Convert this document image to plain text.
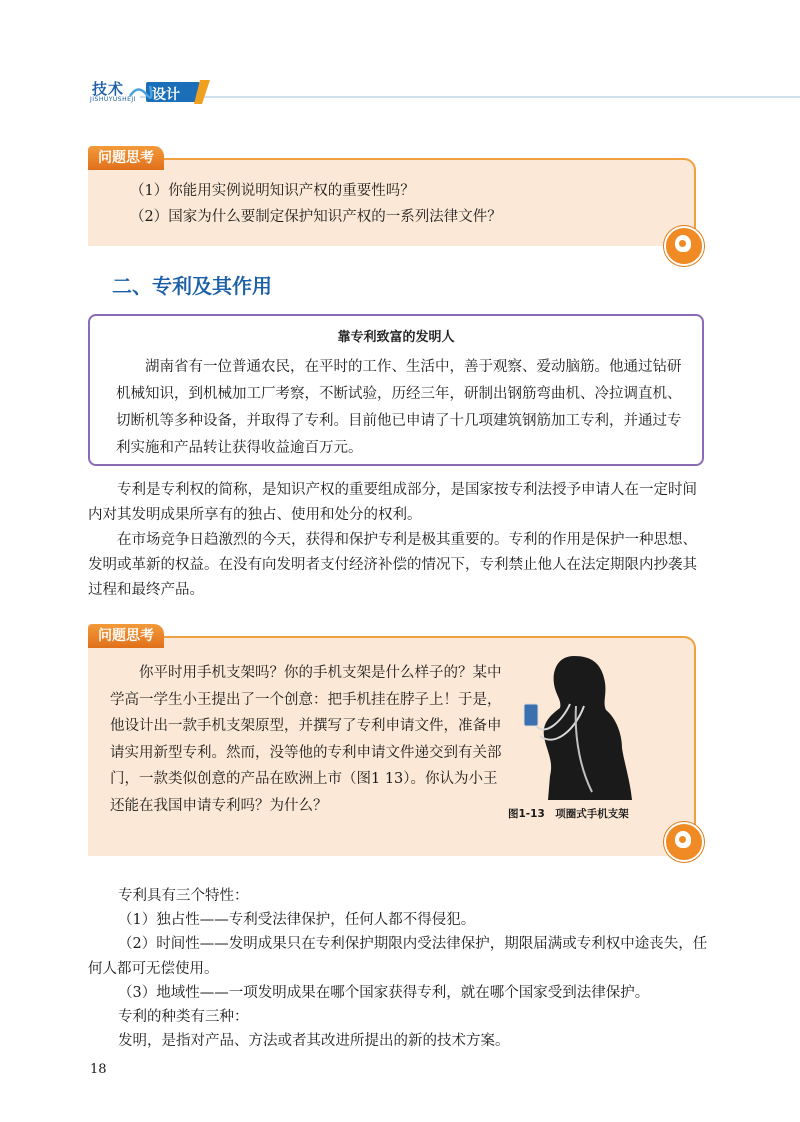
技术
JISHUYUSHEJI 设计
问题思考
（1）你能用实例说明知识产权的重要性吗？
（2）国家为什么要制定保护知识产权的一系列法律文件？
二、专利及其作用
靠专利致富的发明人
湖南省有一位普通农民，在平时的工作、生活中，善于观察、爱动脑筋。他通过钻研机械知识，到机械加工厂考察，不断试验，历经三年，研制出钢筋弯曲机、冷拉调直机、切断机等多种设备，并取得了专利。目前他已申请了十几项建筑钢筋加工专利，并通过专利实施和产品转让获得收益逾百万元。
专利是专利权的简称，是知识产权的重要组成部分，是国家按专利法授予申请人在一定时间内对其发明成果所享有的独占、使用和处分的权利。
在市场竞争日趋激烈的今天，获得和保护专利是极其重要的。专利的作用是保护一种思想、发明或革新的权益。在没有向发明者支付经济补偿的情况下，专利禁止他人在法定期限内抄袭其过程和最终产品。
问题思考
你平时用手机支架吗？你的手机支架是什么样子的？某中学高一学生小王提出了一个创意：把手机挂在脖子上！于是，他设计出一款手机支架原型，并撰写了专利申请文件，准备申请实用新型专利。然而，没等他的专利申请文件递交到有关部门，一款类似创意的产品在欧洲上市（图1 13）。你认为小王还能在我国申请专利吗？为什么？
图1-13　项圈式手机支架
专利具有三个特性：
（1）独占性——专利受法律保护，任何人都不得侵犯。
（2）时间性——发明成果只在专利保护期限内受法律保护，期限届满或专利权中途丧失，任何人都可无偿使用。
（3）地域性——一项发明成果在哪个国家获得专利，就在哪个国家受到法律保护。
专利的种类有三种：
发明，是指对产品、方法或者其改进所提出的新的技术方案。
18
